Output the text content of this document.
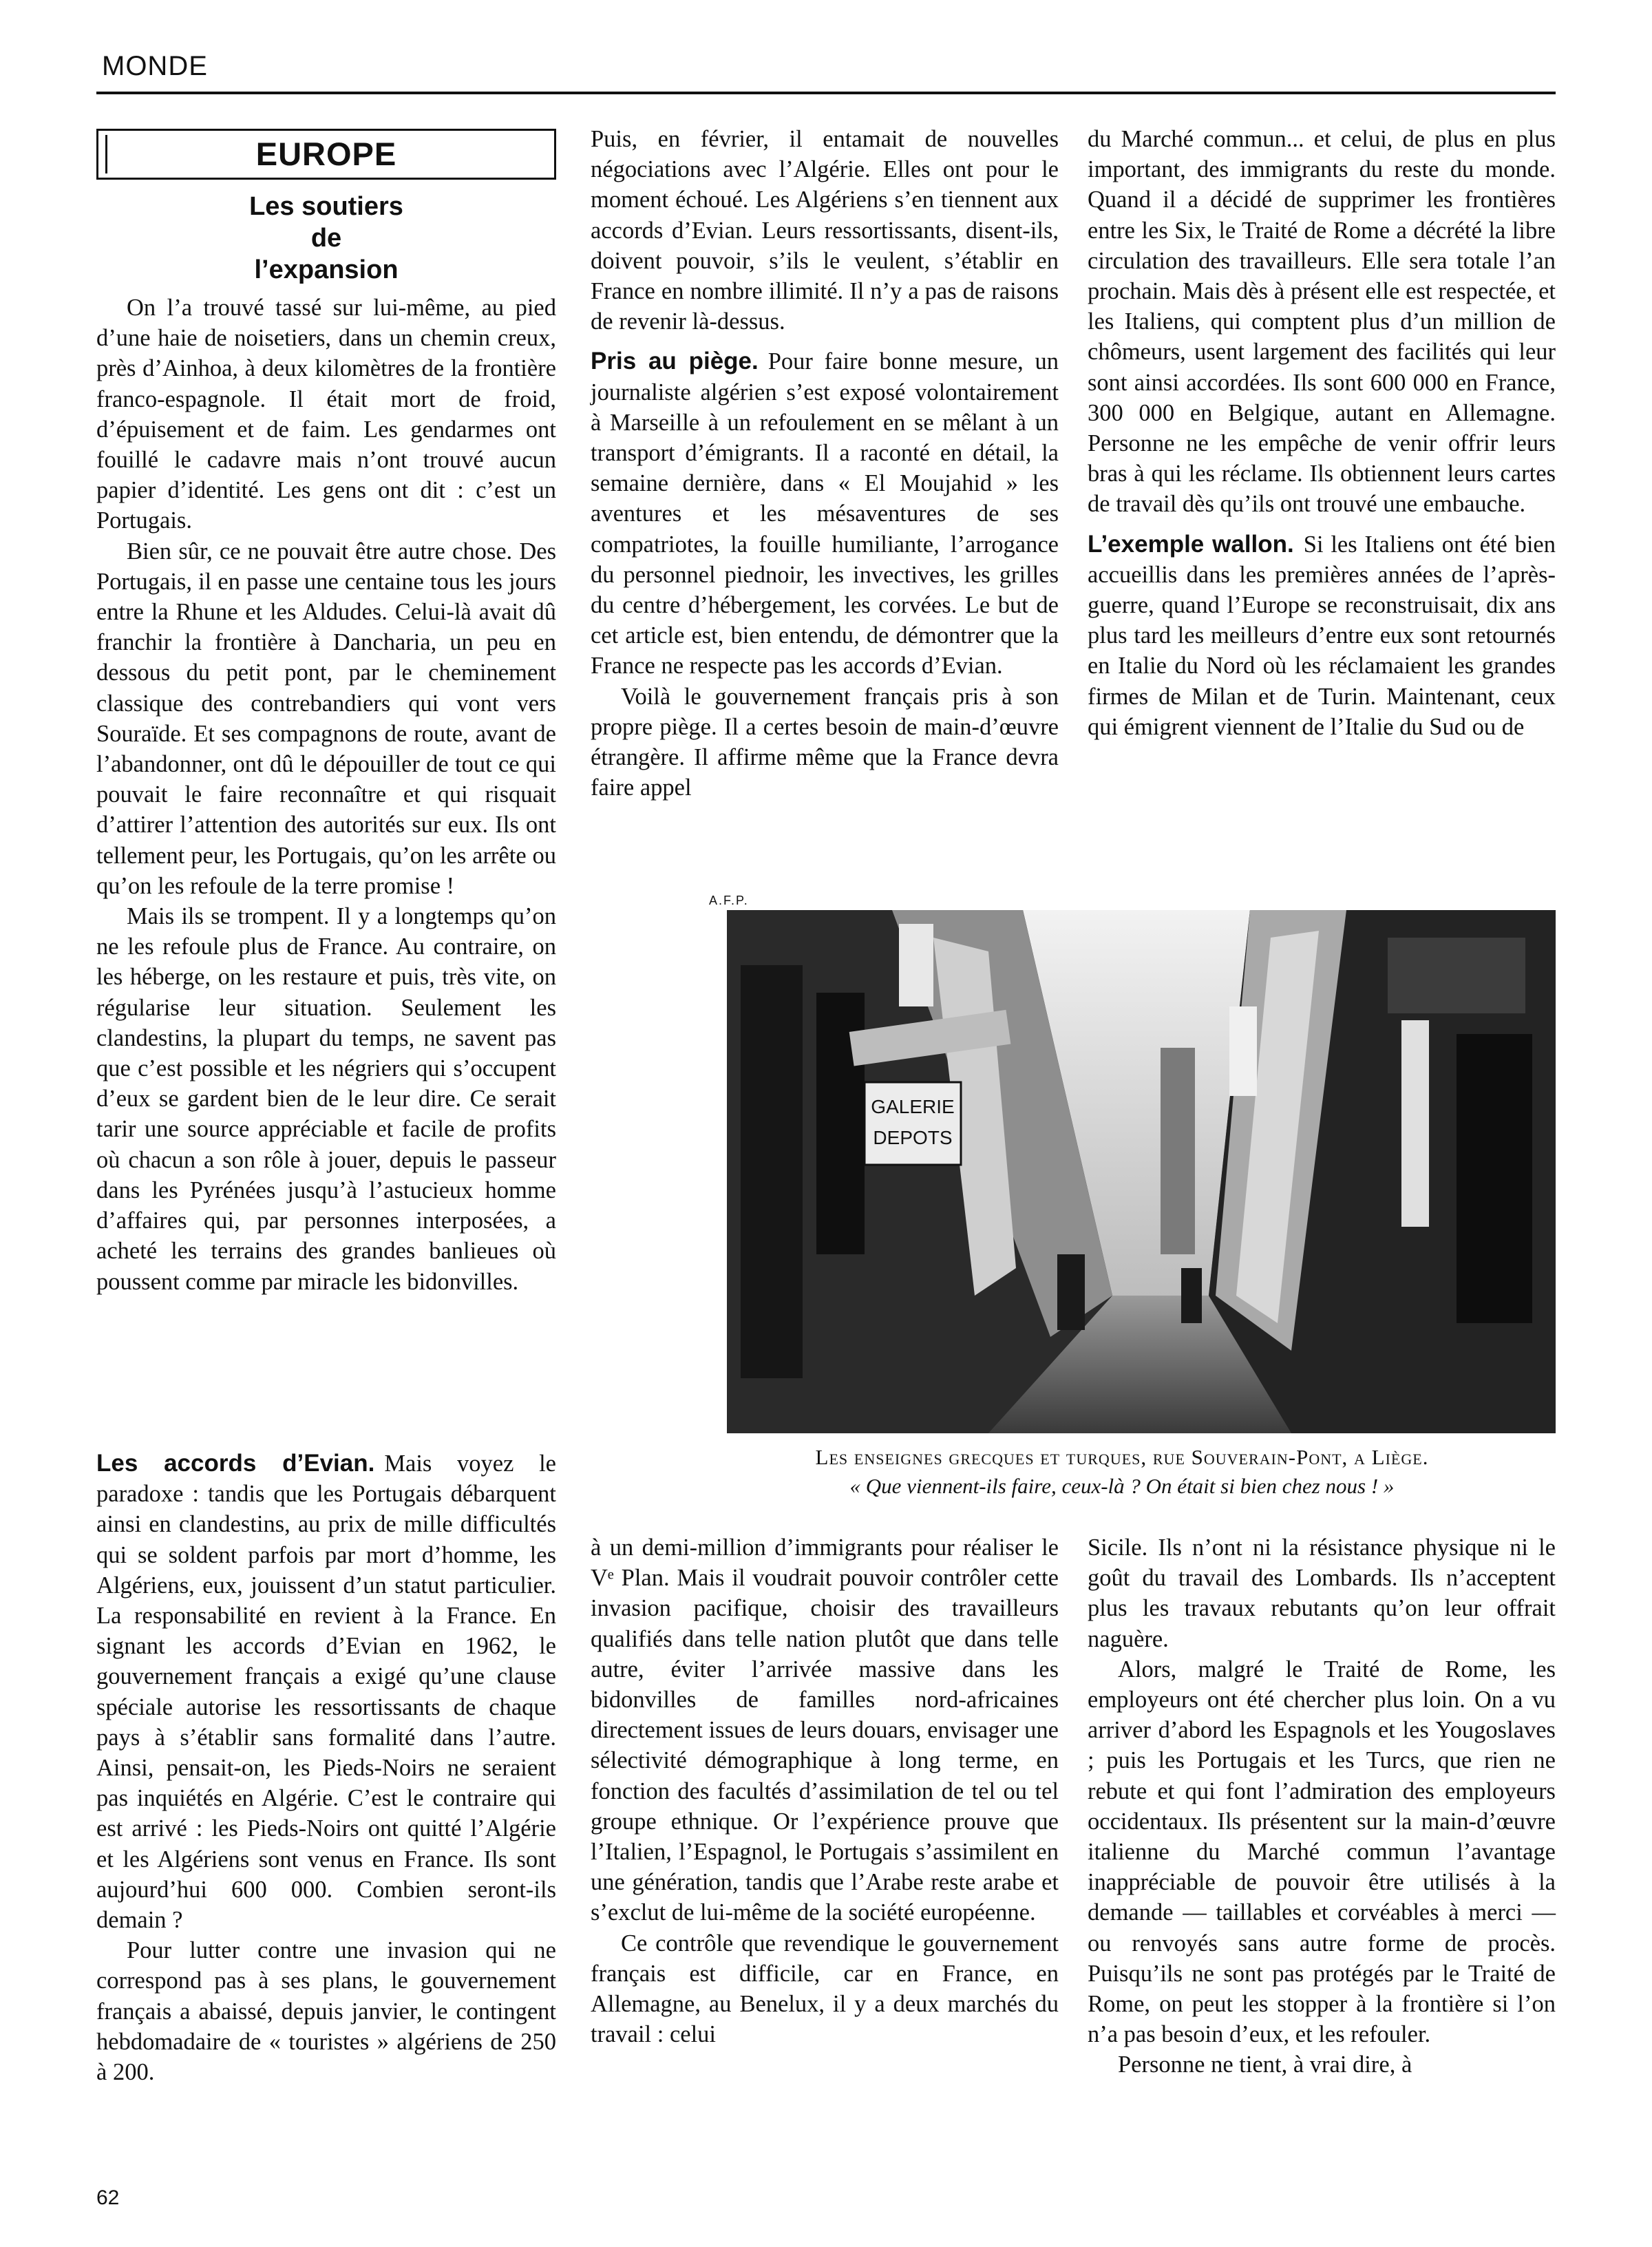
MONDE
EUROPE
Les soutiers
de
l’expansion

On l’a trouvé tassé sur lui-même, au pied d’une haie de noisetiers, dans un chemin creux, près d’Ainhoa, à deux kilomètres de la frontière franco-espagnole. Il était mort de froid, d’épuisement et de faim. Les gendarmes ont fouillé le cadavre mais n’ont trouvé aucun papier d’identité. Les gens ont dit : c’est un Portugais.

Bien sûr, ce ne pouvait être autre chose. Des Portugais, il en passe une centaine tous les jours entre la Rhune et les Aldudes. Celui-là avait dû franchir la frontière à Dancharia, un peu en dessous du petit pont, par le cheminement classique des contrebandiers qui vont vers Souraïde. Et ses compagnons de route, avant de l’abandonner, ont dû le dépouiller de tout ce qui pouvait le faire reconnaître et qui risquait d’attirer l’attention des autorités sur eux. Ils ont tellement peur, les Portugais, qu’on les arrête ou qu’on les refoule de la terre promise !

Mais ils se trompent. Il y a longtemps qu’on ne les refoule plus de France. Au contraire, on les héberge, on les restaure et puis, très vite, on régularise leur situation. Seulement les clandestins, la plupart du temps, ne savent pas que c’est possible et les négriers qui s’occupent d’eux se gardent bien de le leur dire. Ce serait tarir une source appréciable et facile de profits où chacun a son rôle à jouer, depuis le passeur dans les Pyrénées jusqu’à l’astucieux homme d’affaires qui, par personnes interposées, a acheté les terrains des grandes banlieues où poussent comme par miracle les bidonvilles.

Les accords d’Evian. Mais voyez le paradoxe : tandis que les Portugais débarquent ainsi en clandestins, au prix de mille difficultés qui se soldent parfois par mort d’homme, les Algériens, eux, jouissent d’un statut particulier. La responsabilité en revient à la France. En signant les accords d’Evian en 1962, le gouvernement français a exigé qu’une clause spéciale autorise les ressortissants de chaque pays à s’établir sans formalité dans l’autre. Ainsi, pensait-on, les Pieds-Noirs ne seraient pas inquiétés en Algérie. C’est le contraire qui est arrivé : les Pieds-Noirs ont quitté l’Algérie et les Algériens sont venus en France. Ils sont aujourd’hui 600 000. Combien seront-ils demain ?

Pour lutter contre une invasion qui ne correspond pas à ses plans, le gouvernement français a abaissé, depuis janvier, le contingent hebdomadaire de « touristes » algériens de 250 à 200.

Puis, en février, il entamait de nouvelles négociations avec l’Algérie. Elles ont pour le moment échoué. Les Algériens s’en tiennent aux accords d’Evian. Leurs ressortissants, disent-ils, doivent pouvoir, s’ils le veulent, s’établir en France en nombre illimité. Il n’y a pas de raisons de revenir là-dessus.

Pris au piège. Pour faire bonne mesure, un journaliste algérien s’est exposé volontairement à Marseille à un refoulement en se mêlant à un transport d’émigrants. Il a raconté en détail, la semaine dernière, dans « El Moujahid » les aventures et les mésaventures de ses compatriotes, la fouille humiliante, l’arrogance du personnel piednoir, les invectives, les grilles du centre d’hébergement, les corvées. Le but de cet article est, bien entendu, de démontrer que la France ne respecte pas les accords d’Evian.

Voilà le gouvernement français pris à son propre piège. Il a certes besoin de main-d’œuvre étrangère. Il affirme même que la France devra faire appel

du Marché commun... et celui, de plus en plus important, des immigrants du reste du monde. Quand il a décidé de supprimer les frontières entre les Six, le Traité de Rome a décrété la libre circulation des travailleurs. Elle sera totale l’an prochain. Mais dès à présent elle est respectée, et les Italiens, qui comptent plus d’un million de chômeurs, usent largement des facilités qui leur sont ainsi accordées. Ils sont 600 000 en France, 300 000 en Belgique, autant en Allemagne. Personne ne les empêche de venir offrir leurs bras à qui les réclame. Ils obtiennent leurs cartes de travail dès qu’ils ont trouvé une embauche.

L’exemple wallon. Si les Italiens ont été bien accueillis dans les premières années de l’après-guerre, quand l’Europe se reconstruisait, dix ans plus tard les meilleurs d’entre eux sont retournés en Italie du Nord où les réclamaient les grandes firmes de Milan et de Turin. Maintenant, ceux qui émigrent viennent de l’Italie du Sud ou de

A.F.P.
GALERIE
DEPOTS
Les enseignes grecques et turques, rue Souverain-Pont, a Liège.
« Que viennent-ils faire, ceux-là ? On était si bien chez nous ! »

à un demi-million d’immigrants pour réaliser le Vᵉ Plan. Mais il voudrait pouvoir contrôler cette invasion pacifique, choisir des travailleurs qualifiés dans telle nation plutôt que dans telle autre, éviter l’arrivée massive dans les bidonvilles de familles nord-africaines directement issues de leurs douars, envisager une sélectivité démographique à long terme, en fonction des facultés d’assimilation de tel ou tel groupe ethnique. Or l’expérience prouve que l’Italien, l’Espagnol, le Portugais s’assimilent en une génération, tandis que l’Arabe reste arabe et s’exclut de lui-même de la société européenne.

Ce contrôle que revendique le gouvernement français est difficile, car en France, en Allemagne, au Benelux, il y a deux marchés du travail : celui

Sicile. Ils n’ont ni la résistance physique ni le goût du travail des Lombards. Ils n’acceptent plus les travaux rebutants qu’on leur offrait naguère.

Alors, malgré le Traité de Rome, les employeurs ont été chercher plus loin. On a vu arriver d’abord les Espagnols et les Yougoslaves ; puis les Portugais et les Turcs, que rien ne rebute et qui font l’admiration des employeurs occidentaux. Ils présentent sur la main-d’œuvre italienne du Marché commun l’avantage inappréciable de pouvoir être utilisés à la demande — taillables et corvéables à merci — ou renvoyés sans autre forme de procès. Puisqu’ils ne sont pas protégés par le Traité de Rome, on peut les stopper à la frontière si l’on n’a pas besoin d’eux, et les refouler.

Personne ne tient, à vrai dire, à

62
